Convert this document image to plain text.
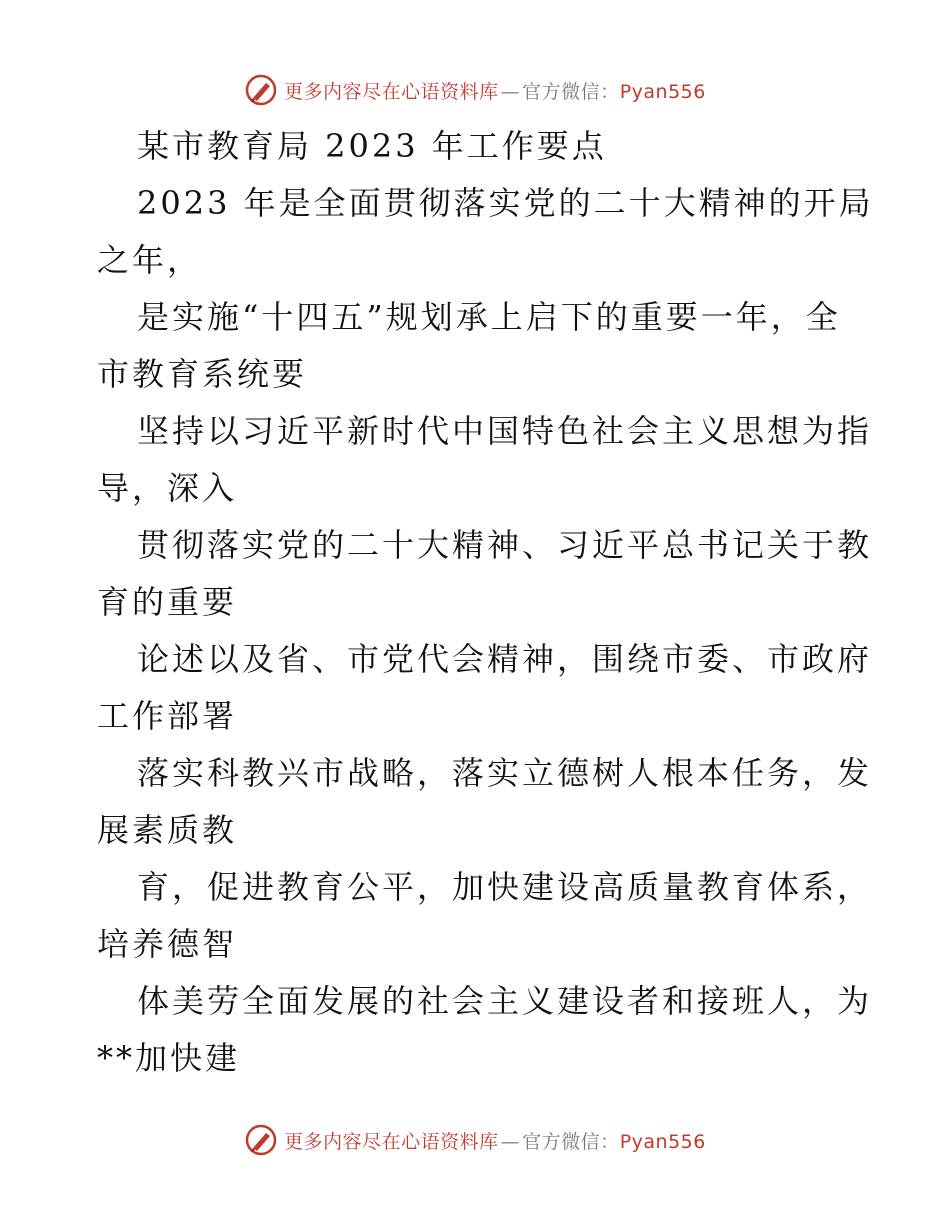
更多内容尽在心语资料库 — 官方微信：Pyan556

某市教育局 2023 年工作要点

2023 年是全面贯彻落实党的二十大精神的开局

之年，

是实施“十四五”规划承上启下的重要一年，全

市教育系统要

坚持以习近平新时代中国特色社会主义思想为指

导，深入

贯彻落实党的二十大精神、习近平总书记关于教

育的重要

论述以及省、市党代会精神，围绕市委、市政府

工作部署

落实科教兴市战略，落实立德树人根本任务，发

展素质教

育，促进教育公平，加快建设高质量教育体系，

培养德智

体美劳全面发展的社会主义建设者和接班人，为

**加快建

更多内容尽在心语资料库 — 官方微信：Pyan556
